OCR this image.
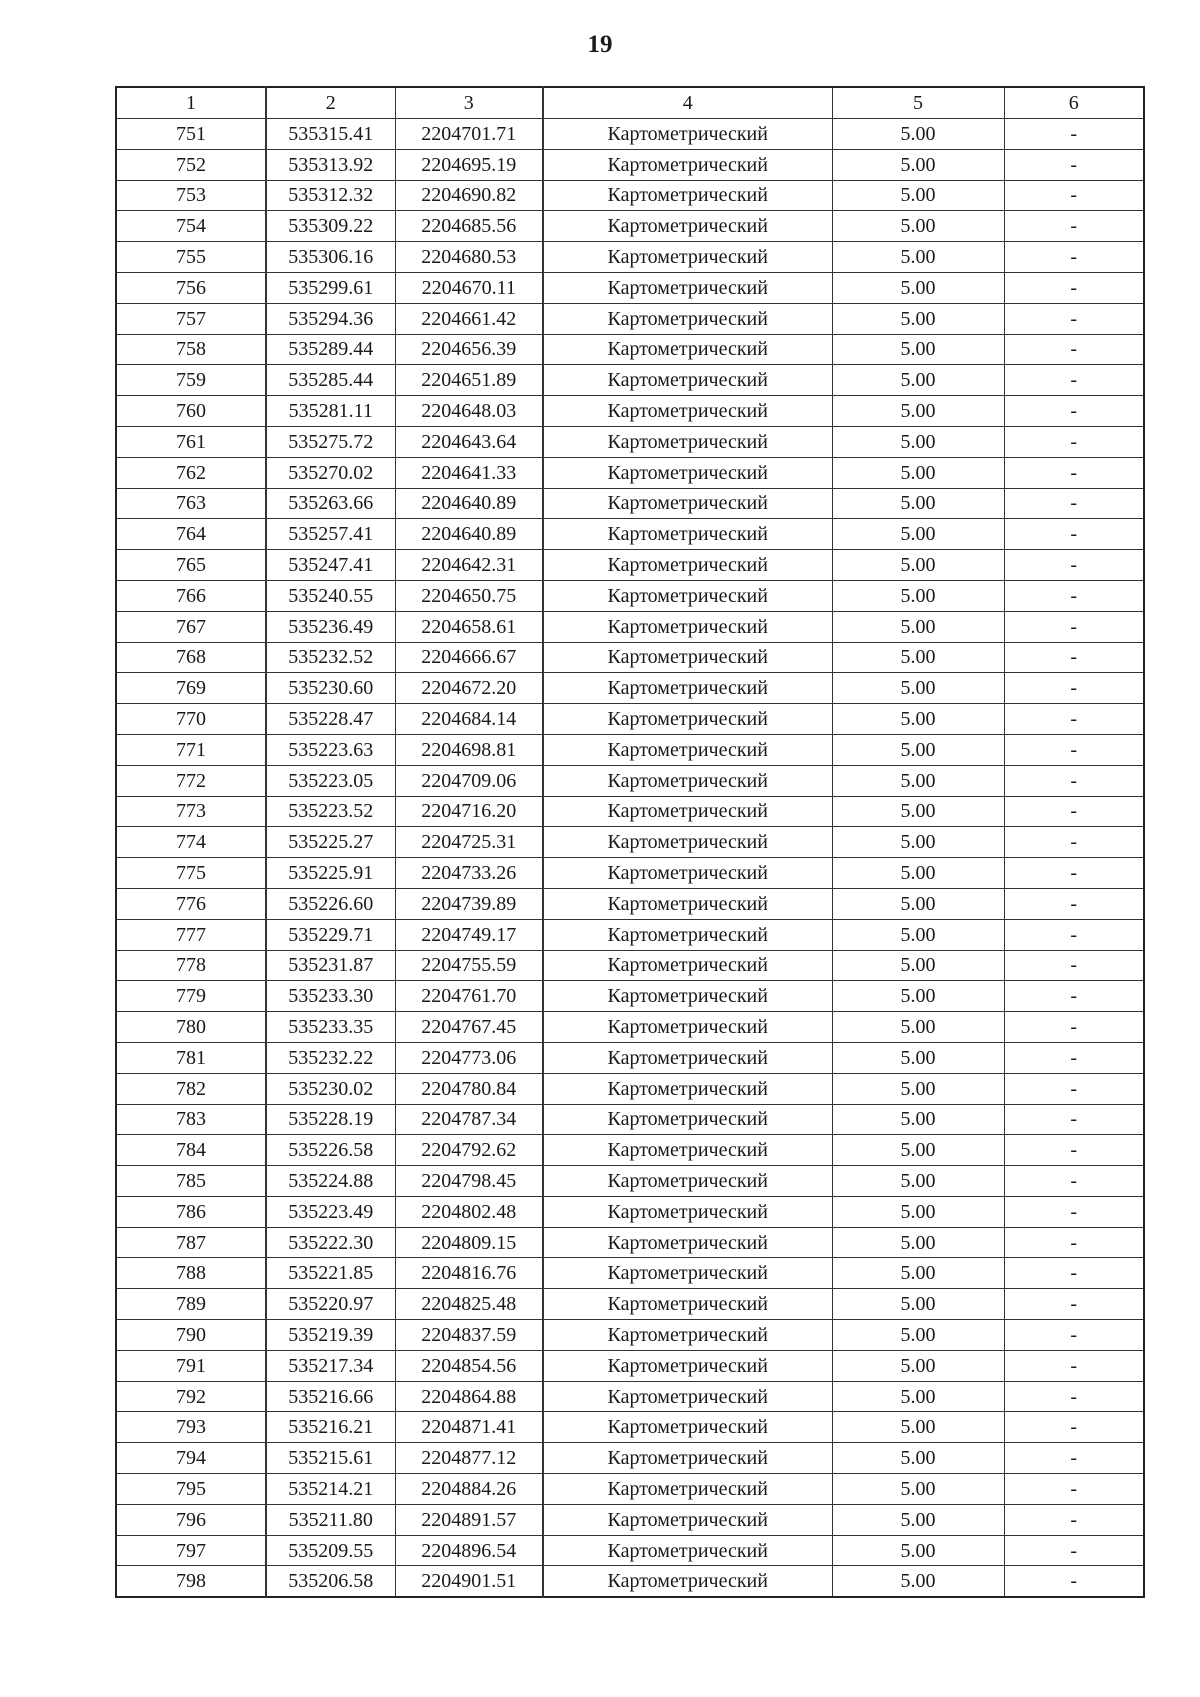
19
1	2	3	4	5	6
751	535315.41	2204701.71	Картометрический	5.00	-
752	535313.92	2204695.19	Картометрический	5.00	-
753	535312.32	2204690.82	Картометрический	5.00	-
754	535309.22	2204685.56	Картометрический	5.00	-
755	535306.16	2204680.53	Картометрический	5.00	-
756	535299.61	2204670.11	Картометрический	5.00	-
757	535294.36	2204661.42	Картометрический	5.00	-
758	535289.44	2204656.39	Картометрический	5.00	-
759	535285.44	2204651.89	Картометрический	5.00	-
760	535281.11	2204648.03	Картометрический	5.00	-
761	535275.72	2204643.64	Картометрический	5.00	-
762	535270.02	2204641.33	Картометрический	5.00	-
763	535263.66	2204640.89	Картометрический	5.00	-
764	535257.41	2204640.89	Картометрический	5.00	-
765	535247.41	2204642.31	Картометрический	5.00	-
766	535240.55	2204650.75	Картометрический	5.00	-
767	535236.49	2204658.61	Картометрический	5.00	-
768	535232.52	2204666.67	Картометрический	5.00	-
769	535230.60	2204672.20	Картометрический	5.00	-
770	535228.47	2204684.14	Картометрический	5.00	-
771	535223.63	2204698.81	Картометрический	5.00	-
772	535223.05	2204709.06	Картометрический	5.00	-
773	535223.52	2204716.20	Картометрический	5.00	-
774	535225.27	2204725.31	Картометрический	5.00	-
775	535225.91	2204733.26	Картометрический	5.00	-
776	535226.60	2204739.89	Картометрический	5.00	-
777	535229.71	2204749.17	Картометрический	5.00	-
778	535231.87	2204755.59	Картометрический	5.00	-
779	535233.30	2204761.70	Картометрический	5.00	-
780	535233.35	2204767.45	Картометрический	5.00	-
781	535232.22	2204773.06	Картометрический	5.00	-
782	535230.02	2204780.84	Картометрический	5.00	-
783	535228.19	2204787.34	Картометрический	5.00	-
784	535226.58	2204792.62	Картометрический	5.00	-
785	535224.88	2204798.45	Картометрический	5.00	-
786	535223.49	2204802.48	Картометрический	5.00	-
787	535222.30	2204809.15	Картометрический	5.00	-
788	535221.85	2204816.76	Картометрический	5.00	-
789	535220.97	2204825.48	Картометрический	5.00	-
790	535219.39	2204837.59	Картометрический	5.00	-
791	535217.34	2204854.56	Картометрический	5.00	-
792	535216.66	2204864.88	Картометрический	5.00	-
793	535216.21	2204871.41	Картометрический	5.00	-
794	535215.61	2204877.12	Картометрический	5.00	-
795	535214.21	2204884.26	Картометрический	5.00	-
796	535211.80	2204891.57	Картометрический	5.00	-
797	535209.55	2204896.54	Картометрический	5.00	-
798	535206.58	2204901.51	Картометрический	5.00	-
